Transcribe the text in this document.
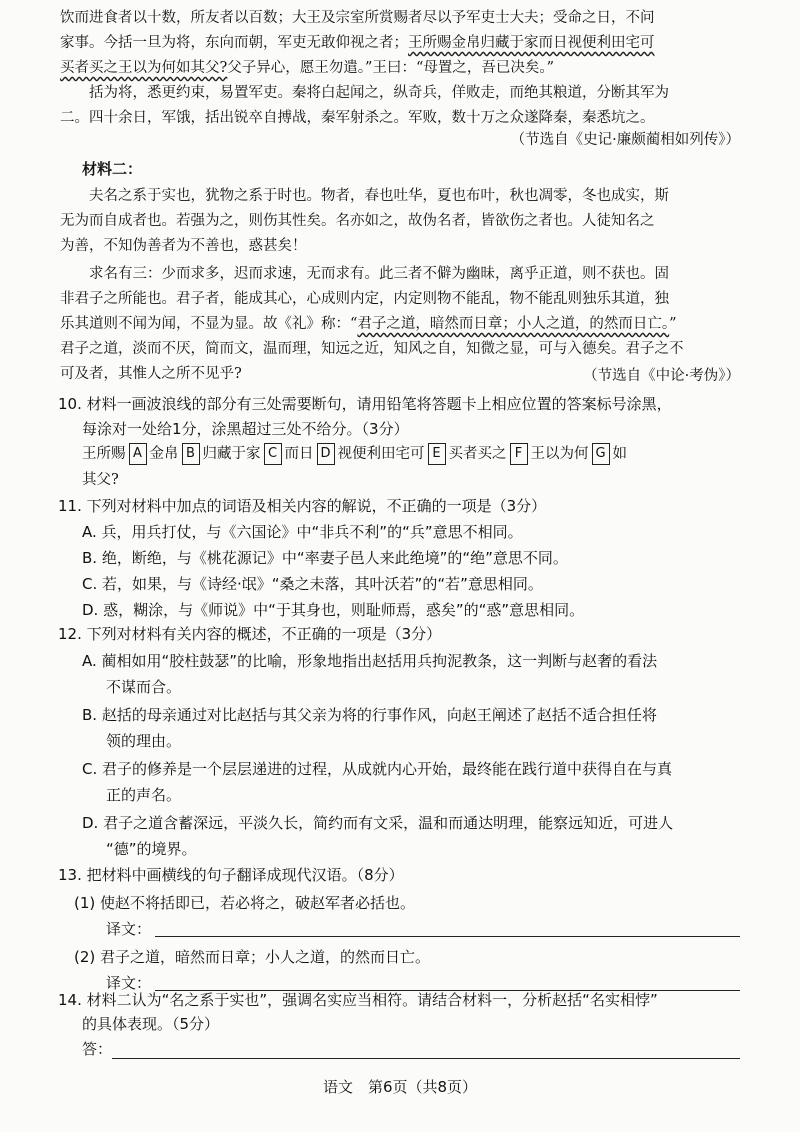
饮而进食者以十数，所友者以百数；大王及宗室所赏赐者尽以予军吏士大夫；受命之日，不问

家事。今括一旦为将，东向而朝，军吏无敢仰视之者；王所赐金帛归藏于家而日视便利田宅可

买者买之王以为何如其父?父子异心，愿王勿遣。”王曰：“母置之，吾已决矣。”

括为将，悉更约束，易置军吏。秦将白起闻之，纵奇兵，佯败走，而绝其粮道，分断其军为

二。四十余日，军饿，括出锐卒自搏战，秦军射杀之。军败，数十万之众遂降秦，秦悉坑之。

（节选自《史记·廉颇蔺相如列传》）
材料二：

夫名之系于实也，犹物之系于时也。物者，春也吐华，夏也布叶，秋也凋零，冬也成实，斯

无为而自成者也。若强为之，则伤其性矣。名亦如之，故伪名者，皆欲伤之者也。人徒知名之

为善，不知伪善者为不善也，惑甚矣！

求名有三：少而求多，迟而求速，无而求有。此三者不僻为幽昧，离乎正道，则不获也。固

非君子之所能也。君子者，能成其心，心成则内定，内定则物不能乱，物不能乱则独乐其道，独

乐其道则不闻为闻，不显为显。故《礼》称：“君子之道，暗然而日章；小人之道，的然而日亡。”

君子之道，淡而不厌，简而文，温而理，知远之近，知风之自，知微之显，可与入德矣。君子之不

可及者，其惟人之所不见乎?	（节选自《中论·考伪》）

10. 材料一画波浪线的部分有三处需要断句，请用铅笔将答题卡上相应位置的答案标号涂黑，

每涂对一处给1分，涂黑超过三处不给分。（3分）

王所赐 A 金帛 B 归藏于家 C 而日 D 视便利田宅可 E 买者买之 F 王以为何 G 如

其父?

11. 下列对材料中加点的词语及相关内容的解说，不正确的一项是（3分）

A. 兵，用兵打仗，与《六国论》中“非兵不利”的“兵”意思不相同。

B. 绝，断绝，与《桃花源记》中“率妻子邑人来此绝境”的“绝”意思不同。

C. 若，如果，与《诗经·氓》“桑之未落，其叶沃若”的“若”意思相同。

D. 惑，糊涂，与《师说》中“于其身也，则耻师焉，惑矣”的“惑”意思相同。

12. 下列对材料有关内容的概述，不正确的一项是（3分）

A. 蔺相如用“胶柱鼓瑟”的比喻，形象地指出赵括用兵拘泥教条，这一判断与赵奢的看法

不谋而合。

B. 赵括的母亲通过对比赵括与其父亲为将的行事作风，向赵王阐述了赵括不适合担任将

领的理由。

C. 君子的修养是一个层层递进的过程，从成就内心开始，最终能在践行道中获得自在与真

正的声名。

D. 君子之道含蓄深远，平淡久长，简约而有文采，温和而通达明理，能察远知近，可进人

“德”的境界。

13. 把材料中画横线的句子翻译成现代汉语。（8分）

(1) 使赵不将括即已，若必将之，破赵军者必括也。

译文：

(2) 君子之道，暗然而日章；小人之道，的然而日亡。

译文：

14. 材料二认为“名之系于实也”，强调名实应当相符。请结合材料一，分析赵括“名实相悖”

的具体表现。（5分）

答：

语文　第6页（共8页）
